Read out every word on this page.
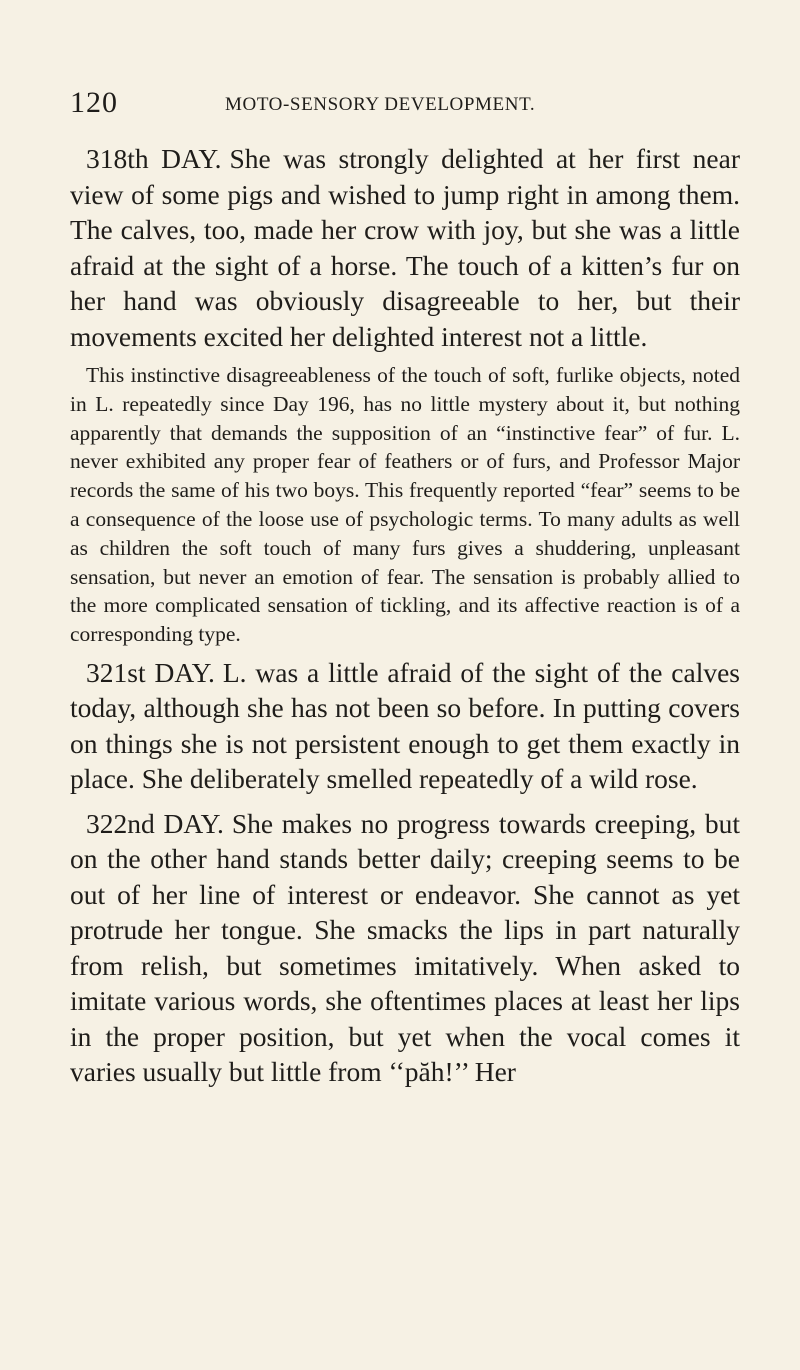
120	MOTO-SENSORY DEVELOPMENT.

318th DAY. She was strongly delighted at her first near view of some pigs and wished to jump right in among them. The calves, too, made her crow with joy, but she was a little afraid at the sight of a horse. The touch of a kitten’s fur on her hand was obviously disagreeable to her, but their movements excited her delighted interest not a little.

This instinctive disagreeableness of the touch of soft, furlike objects, noted in L. repeatedly since Day 196, has no little mystery about it, but nothing apparently that demands the supposition of an “instinctive fear” of fur. L. never exhibited any proper fear of feathers or of furs, and Professor Major records the same of his two boys. This frequently reported “fear” seems to be a consequence of the loose use of psychologic terms. To many adults as well as children the soft touch of many furs gives a shuddering, unpleasant sensation, but never an emotion of fear. The sensation is probably allied to the more complicated sensation of tickling, and its affective reaction is of a corresponding type.

321st DAY. L. was a little afraid of the sight of the calves today, although she has not been so before. In putting covers on things she is not persistent enough to get them exactly in place. She deliberately smelled repeatedly of a wild rose.

322nd DAY. She makes no progress towards creeping, but on the other hand stands better daily; creeping seems to be out of her line of interest or endeavor. She cannot as yet protrude her tongue. She smacks the lips in part naturally from relish, but sometimes imitatively. When asked to imitate various words, she oftentimes places at least her lips in the proper position, but yet when the vocal comes it varies usually but little from ‘‘păh!’’ Her
